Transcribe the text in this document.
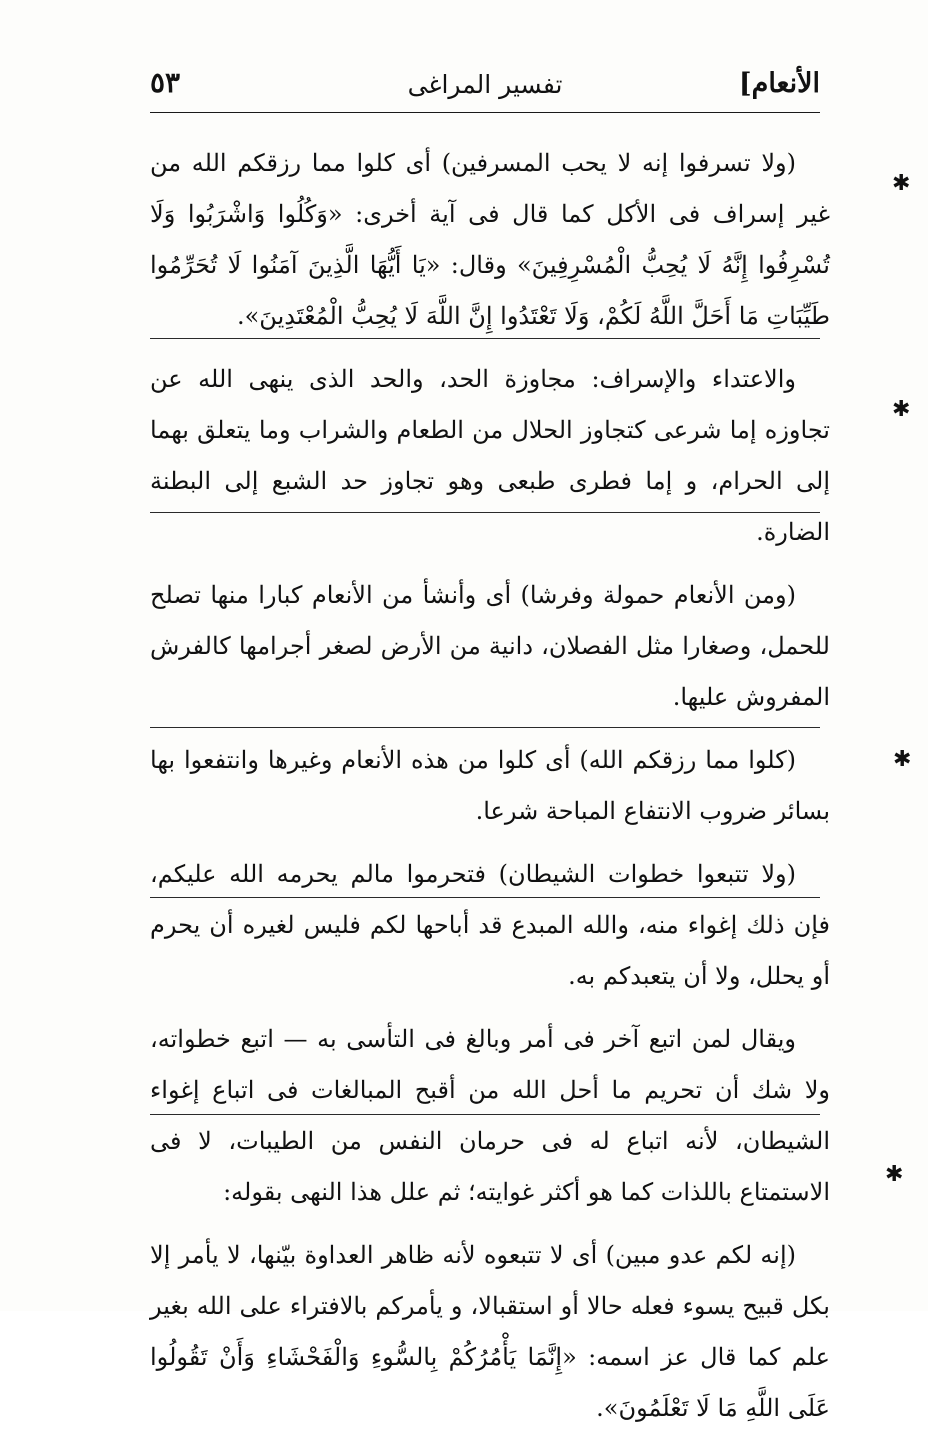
الأنعام]
تفسير المراغى
٥٣

(ولا تسرفوا إنه لا يحب المسرفين) أى كلوا مما رزقكم الله من غير إسراف فى الأكل كما قال فى آية أخرى: «وَكُلُوا وَاشْرَبُوا وَلَا تُسْرِفُوا إِنَّهُ لَا يُحِبُّ الْمُسْرِفِينَ» وقال: «يَا أَيُّهَا الَّذِينَ آمَنُوا لَا تُحَرِّمُوا طَيِّبَاتِ مَا أَحَلَّ اللَّهُ لَكُمْ، وَلَا تَعْتَدُوا إِنَّ اللَّهَ لَا يُحِبُّ الْمُعْتَدِينَ».

والاعتداء والإسراف: مجاوزة الحد، والحد الذى ينهى الله عن تجاوزه إما شرعى كتجاوز الحلال من الطعام والشراب وما يتعلق بهما إلى الحرام، و إما فطرى طبعى وهو تجاوز حد الشبع إلى البطنة الضارة.

(ومن الأنعام حمولة وفرشا) أى وأنشأ من الأنعام كبارا منها تصلح للحمل، وصغارا مثل الفصلان، دانية من الأرض لصغر أجرامها كالفرش المفروش عليها.

(كلوا مما رزقكم الله) أى كلوا من هذه الأنعام وغيرها وانتفعوا بها بسائر ضروب الانتفاع المباحة شرعا.

(ولا تتبعوا خطوات الشيطان) فتحرموا مالم يحرمه الله عليكم، فإن ذلك إغواء منه، والله المبدع قد أباحها لكم فليس لغيره أن يحرم أو يحلل، ولا أن يتعبدكم به.

ويقال لمن اتبع آخر فى أمر وبالغ فى التأسى به — اتبع خطواته، ولا شك أن تحريم ما أحل الله من أقبح المبالغات فى اتباع إغواء الشيطان، لأنه اتباع له فى حرمان النفس من الطيبات، لا فى الاستمتاع باللذات كما هو أكثر غوايته؛ ثم علل هذا النهى بقوله:

(إنه لكم عدو مبين) أى لا تتبعوه لأنه ظاهر العداوة بيّنها، لا يأمر إلا بكل قبيح يسوء فعله حالا أو استقبالا، و يأمركم بالافتراء على الله بغير علم كما قال عز اسمه: «إِنَّمَا يَأْمُرُكُمْ بِالسُّوءِ وَالْفَحْشَاءِ وَأَنْ تَقُولُوا عَلَى اللَّهِ مَا لَا تَعْلَمُونَ».

✱
✱
✱
✱
